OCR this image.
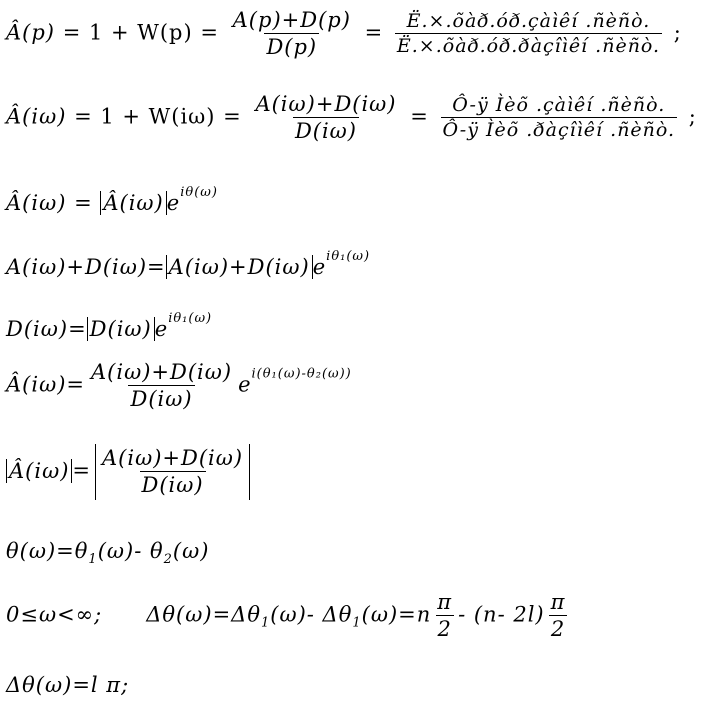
Â(p) = $1 + W(p) = \frac{A(p)+D(p)}{D(p)} = \frac{\text{Ë.×.õàð.óð.çàìêí .ñèñò.}}{\text{Ë.×.õàð.óð.ðàçîìêí .ñèñò.}}$ ;
Â(iω) = $1 + W(i\omega) = \frac{A(i\omega)+D(i\omega)}{D(i\omega)} = \frac{\text{Ô-ÿ Ìèõ .çàìêí .ñèñò.}}{\text{Ô-ÿ Ìèõ .ðàçîìêí .ñèñò.}}$ ;
Â(iω) = Â(iω) $e^{i\theta(\omega)}$
A(iω)+D(iω)= A(iω)+D(iω) $e^{i\theta_1(\omega)}$
D(iω)= D(iω) $e^{i\theta_1(\omega)}$
Â(iω)= $\frac{A(i\omega)+D(i\omega)}{D(i\omega)} e^{i(\theta_1(\omega)-\theta_2(\omega))}$
Â(iω) = $\frac{A(i\omega)+D(i\omega)}{D(i\omega)}$
$\theta(\omega)=\theta_1(\omega)-$ $\theta_2(\omega)$
0≤ω<∞; $\Delta\theta(\omega)=\Delta\theta_1(\omega)-$ $\Delta\theta_1(\omega)=n \frac{\pi}{2} - (n-$ $2l) \frac{\pi}{2}$
Δθ(ω)=l π;
